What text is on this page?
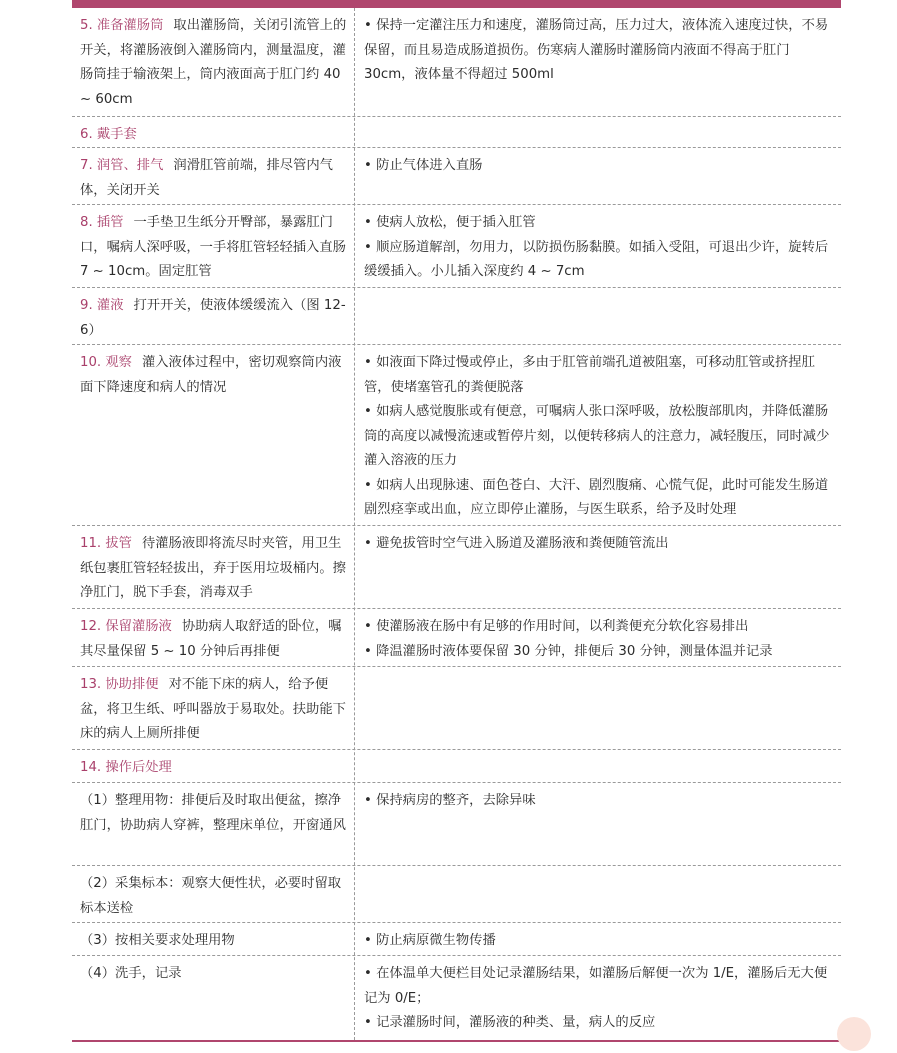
5. 准备灌肠筒 取出灌肠筒，关闭引流管上的开关，将灌肠液倒入灌肠筒内，测量温度，灌肠筒挂于输液架上，筒内液面高于肛门约 40 ~ 60cm
• 保持一定灌注压力和速度，灌肠筒过高，压力过大，液体流入速度过快，不易保留，而且易造成肠道损伤。伤寒病人灌肠时灌肠筒内液面不得高于肛门 30cm，液体量不得超过 500ml
6. 戴手套
7. 润管、排气 润滑肛管前端，排尽管内气体，关闭开关
• 防止气体进入直肠
8. 插管 一手垫卫生纸分开臀部，暴露肛门口，嘱病人深呼吸，一手将肛管轻轻插入直肠 7 ~ 10cm。固定肛管
• 使病人放松，便于插入肛管
• 顺应肠道解剖，勿用力，以防损伤肠黏膜。如插入受阻，可退出少许，旋转后缓缓插入。小儿插入深度约 4 ~ 7cm
9. 灌液 打开开关，使液体缓缓流入（图 12-6）
10. 观察 灌入液体过程中，密切观察筒内液面下降速度和病人的情况
• 如液面下降过慢或停止，多由于肛管前端孔道被阻塞，可移动肛管或挤捏肛管，使堵塞管孔的粪便脱落
• 如病人感觉腹胀或有便意，可嘱病人张口深呼吸，放松腹部肌肉，并降低灌肠筒的高度以减慢流速或暂停片刻，以便转移病人的注意力，减轻腹压，同时减少灌入溶液的压力
• 如病人出现脉速、面色苍白、大汗、剧烈腹痛、心慌气促，此时可能发生肠道剧烈痉挛或出血，应立即停止灌肠，与医生联系，给予及时处理
11. 拔管 待灌肠液即将流尽时夹管，用卫生纸包裹肛管轻轻拔出，弃于医用垃圾桶内。擦净肛门，脱下手套，消毒双手
• 避免拔管时空气进入肠道及灌肠液和粪便随管流出
12. 保留灌肠液 协助病人取舒适的卧位，嘱其尽量保留 5 ~ 10 分钟后再排便
• 使灌肠液在肠中有足够的作用时间，以利粪便充分软化容易排出
• 降温灌肠时液体要保留 30 分钟，排便后 30 分钟，测量体温并记录
13. 协助排便 对不能下床的病人，给予便盆，将卫生纸、呼叫器放于易取处。扶助能下床的病人上厕所排便
14. 操作后处理
（1）整理用物：排便后及时取出便盆，擦净肛门，协助病人穿裤，整理床单位，开窗通风
• 保持病房的整齐，去除异味
（2）采集标本：观察大便性状，必要时留取标本送检
（3）按相关要求处理用物	• 防止病原微生物传播
（4）洗手，记录	• 在体温单大便栏目处记录灌肠结果，如灌肠后解便一次为 1/E，灌肠后无大便记为 0/E；
• 记录灌肠时间，灌肠液的种类、量，病人的反应
